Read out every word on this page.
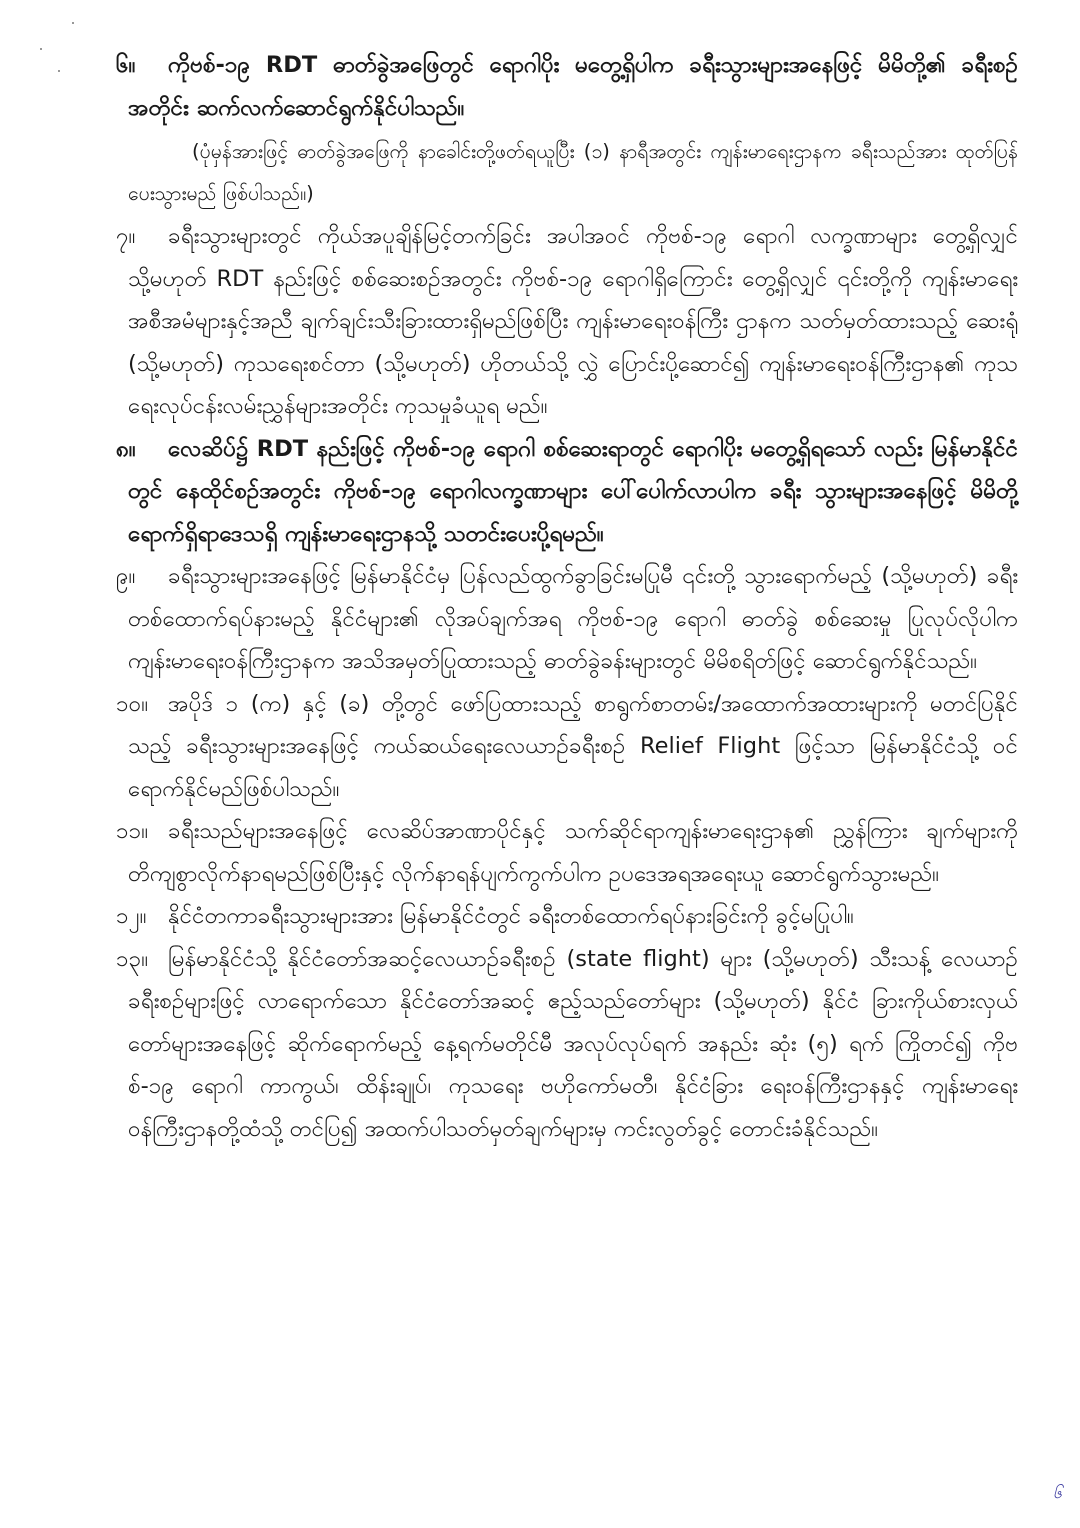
၆။ ကိုဗစ်-၁၉ RDT ဓာတ်ခွဲအဖြေတွင် ရောဂါပိုး မတွေ့ရှိပါက ခရီးသွားများအနေဖြင့် မိမိတို့၏ ခရီးစဉ်အတိုင်း ဆက်လက်ဆောင်ရွက်နိုင်ပါသည်။

(ပုံမှန်အားဖြင့် ဓာတ်ခွဲအဖြေကို နာခေါင်းတို့ဖတ်ရယူပြီး (၁) နာရီအတွင်း ကျန်းမာရေးဌာနက ခရီးသည်အား ထုတ်ပြန်ပေးသွားမည် ဖြစ်ပါသည်။)

၇။ ခရီးသွားများတွင် ကိုယ်အပူချိန်မြင့်တက်ခြင်း အပါအဝင် ကိုဗစ်-၁၉ ရောဂါ လက္ခဏာများ တွေ့ရှိလျှင် သို့မဟုတ် RDT နည်းဖြင့် စစ်ဆေးစဉ်အတွင်း ကိုဗစ်-၁၉ ရောဂါရှိကြောင်း တွေ့ရှိလျှင် ၎င်းတို့ကို ကျန်းမာရေးအစီအမံများနှင့်အညီ ချက်ချင်းသီးခြားထားရှိမည်ဖြစ်ပြီး ကျန်းမာရေးဝန်ကြီး ဌာနက သတ်မှတ်ထားသည့် ဆေးရုံ (သို့မဟုတ်) ကုသရေးစင်တာ (သို့မဟုတ်) ဟိုတယ်သို့ လွှဲ ပြောင်းပို့ဆောင်၍ ကျန်းမာရေးဝန်ကြီးဌာန၏ ကုသရေးလုပ်ငန်းလမ်းညွှန်များအတိုင်း ကုသမှုခံယူရ မည်။

၈။ လေဆိပ်၌ RDT နည်းဖြင့် ကိုဗစ်-၁၉ ရောဂါ စစ်ဆေးရာတွင် ရောဂါပိုး မတွေ့ရှိရသော် လည်း မြန်မာနိုင်ငံတွင် နေထိုင်စဉ်အတွင်း ကိုဗစ်-၁၉ ရောဂါလက္ခဏာများ ပေါ်ပေါက်လာပါက ခရီး သွားများအနေဖြင့် မိမိတို့ရောက်ရှိရာဒေသရှိ ကျန်းမာရေးဌာနသို့ သတင်းပေးပို့ရမည်။

၉။ ခရီးသွားများအနေဖြင့် မြန်မာနိုင်ငံမှ ပြန်လည်ထွက်ခွာခြင်းမပြုမီ ၎င်းတို့ သွားရောက်မည့် (သို့မဟုတ်) ခရီးတစ်ထောက်ရပ်နားမည့် နိုင်ငံများ၏ လိုအပ်ချက်အရ ကိုဗစ်-၁၉ ရောဂါ ဓာတ်ခွဲ စစ်ဆေးမှု ပြုလုပ်လိုပါက ကျန်းမာရေးဝန်ကြီးဌာနက အသိအမှတ်ပြုထားသည့် ဓာတ်ခွဲခန်းများတွင် မိမိစရိတ်ဖြင့် ဆောင်ရွက်နိုင်သည်။

၁၀။ အပိုဒ် ၁ (က) နှင့် (ခ) တို့တွင် ဖော်ပြထားသည့် စာရွက်စာတမ်း/အထောက်အထားများကို မတင်ပြနိုင်သည့် ခရီးသွားများအနေဖြင့် ကယ်ဆယ်ရေးလေယာဉ်ခရီးစဉ် Relief Flight ဖြင့်သာ မြန်မာနိုင်ငံသို့ ဝင်ရောက်နိုင်မည်ဖြစ်ပါသည်။

၁၁။ ခရီးသည်များအနေဖြင့် လေဆိပ်အာဏာပိုင်နှင့် သက်ဆိုင်ရာကျန်းမာရေးဌာန၏ ညွှန်ကြား ချက်များကို တိကျစွာလိုက်နာရမည်ဖြစ်ပြီးနှင့် လိုက်နာရန်ပျက်ကွက်ပါက ဥပဒေအရအရေးယူ ဆောင်ရွက်သွားမည်။

၁၂။ နိုင်ငံတကာခရီးသွားများအား မြန်မာနိုင်ငံတွင် ခရီးတစ်ထောက်ရပ်နားခြင်းကို ခွင့်မပြုပါ။

၁၃။ မြန်မာနိုင်ငံသို့ နိုင်ငံတော်အဆင့်လေယာဉ်ခရီးစဉ် (state flight) များ (သို့မဟုတ်) သီးသန့် လေယာဉ်ခရီးစဉ်များဖြင့် လာရောက်သော နိုင်ငံတော်အဆင့် ဧည့်သည်တော်များ (သို့မဟုတ်) နိုင်ငံ ခြားကိုယ်စားလှယ်တော်များအနေဖြင့် ဆိုက်ရောက်မည့် နေ့ရက်မတိုင်မီ အလုပ်လုပ်ရက် အနည်း ဆုံး (၅) ရက် ကြိုတင်၍ ကိုဗစ်-၁၉ ရောဂါ ကာကွယ်၊ ထိန်းချုပ်၊ ကုသရေး ဗဟိုကော်မတီ၊ နိုင်ငံခြား ရေးဝန်ကြီးဌာနနှင့် ကျန်းမာရေးဝန်ကြီးဌာနတို့ထံသို့ တင်ပြ၍ အထက်ပါသတ်မှတ်ချက်များမှ ကင်းလွတ်ခွင့် တောင်းခံနိုင်သည်။

၆
